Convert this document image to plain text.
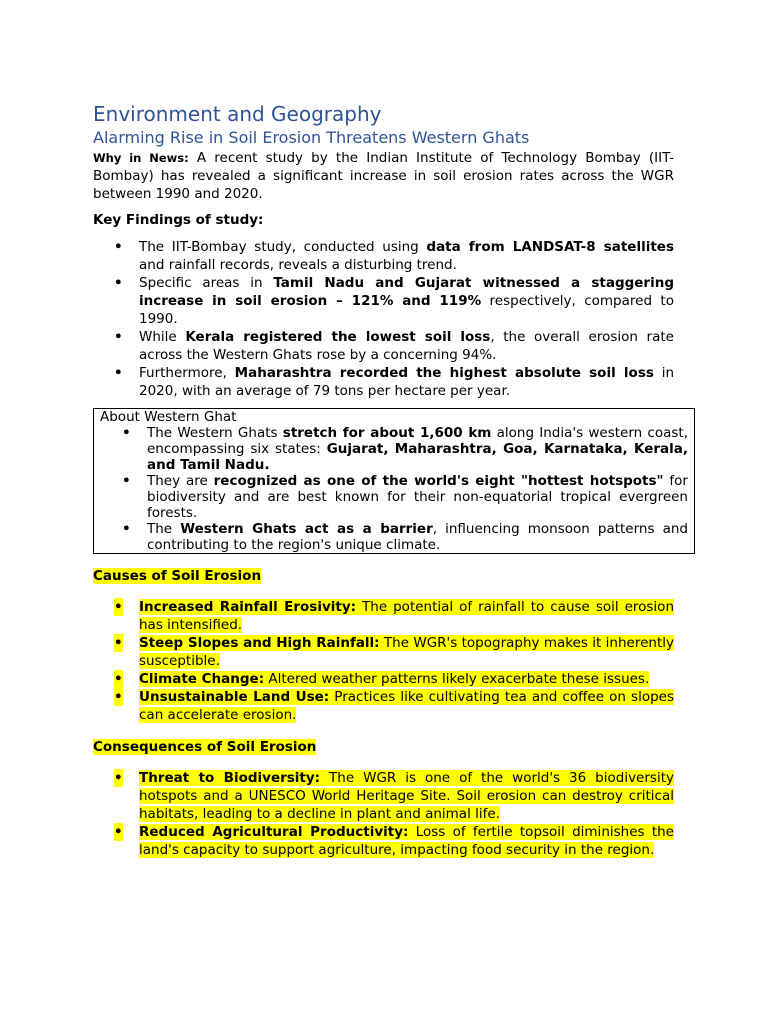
Environment and Geography
Alarming Rise in Soil Erosion Threatens Western Ghats

Why in News: A recent study by the Indian Institute of Technology Bombay (IIT-Bombay) has revealed a significant increase in soil erosion rates across the WGR between 1990 and 2020.

Key Findings of study:

• The IIT-Bombay study, conducted using data from LANDSAT-8 satellites and rainfall records, reveals a disturbing trend.
• Specific areas in Tamil Nadu and Gujarat witnessed a staggering increase in soil erosion – 121% and 119% respectively, compared to 1990.
• While Kerala registered the lowest soil loss, the overall erosion rate across the Western Ghats rose by a concerning 94%.
• Furthermore, Maharashtra recorded the highest absolute soil loss in 2020, with an average of 79 tons per hectare per year.
About Western Ghat
• The Western Ghats stretch for about 1,600 km along India's western coast, encompassing six states: Gujarat, Maharashtra, Goa, Karnataka, Kerala, and Tamil Nadu.
• They are recognized as one of the world's eight "hottest hotspots" for biodiversity and are best known for their non-equatorial tropical evergreen forests.
• The Western Ghats act as a barrier, influencing monsoon patterns and contributing to the region's unique climate.

Causes of Soil Erosion

• Increased Rainfall Erosivity: The potential of rainfall to cause soil erosion has intensified.
• Steep Slopes and High Rainfall: The WGR's topography makes it inherently susceptible.
• Climate Change: Altered weather patterns likely exacerbate these issues.
• Unsustainable Land Use: Practices like cultivating tea and coffee on slopes can accelerate erosion.

Consequences of Soil Erosion

• Threat to Biodiversity: The WGR is one of the world's 36 biodiversity hotspots and a UNESCO World Heritage Site. Soil erosion can destroy critical habitats, leading to a decline in plant and animal life.
• Reduced Agricultural Productivity: Loss of fertile topsoil diminishes the land's capacity to support agriculture, impacting food security in the region.
